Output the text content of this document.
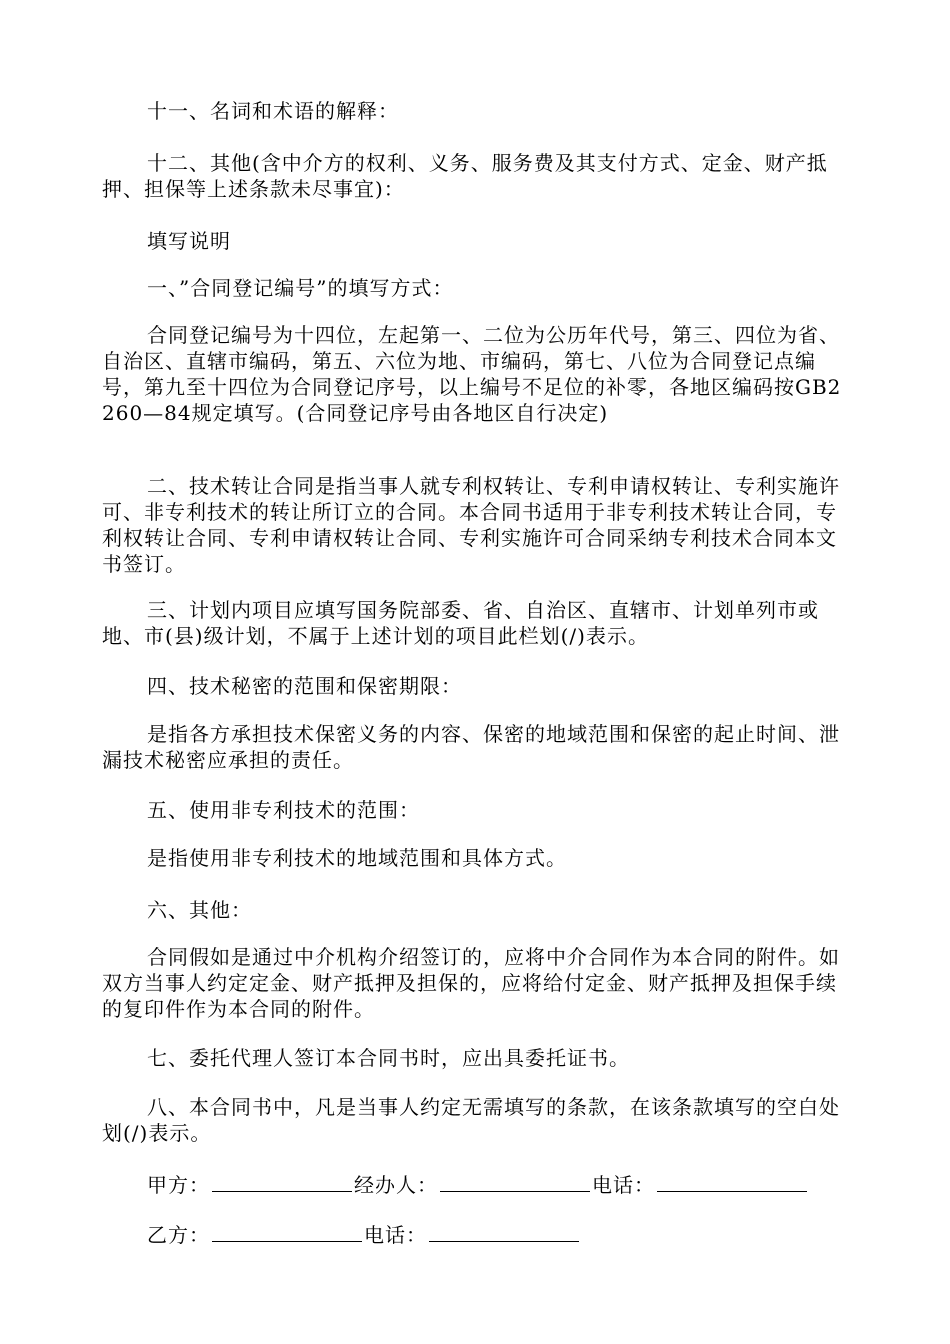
十一、名词和术语的解释：

十二、其他(含中介方的权利、义务、服务费及其支付方式、定金、财产抵押、担保等上述条款未尽事宜)：

填写说明

一、”合同登记编号”的填写方式：

合同登记编号为十四位，左起第一、二位为公历年代号，第三、四位为省、自治区、直辖市编码，第五、六位为地、市编码，第七、八位为合同登记点编号，第九至十四位为合同登记序号，以上编号不足位的补零，各地区编码按GB2260—84规定填写。(合同登记序号由各地区自行决定)

二、技术转让合同是指当事人就专利权转让、专利申请权转让、专利实施许可、非专利技术的转让所订立的合同。本合同书适用于非专利技术转让合同，专利权转让合同、专利申请权转让合同、专利实施许可合同采纳专利技术合同本文书签订。

三、计划内项目应填写国务院部委、省、自治区、直辖市、计划单列市或地、市(县)级计划，不属于上述计划的项目此栏划(/)表示。

四、技术秘密的范围和保密期限：

是指各方承担技术保密义务的内容、保密的地域范围和保密的起止时间、泄漏技术秘密应承担的责任。

五、使用非专利技术的范围：

是指使用非专利技术的地域范围和具体方式。

六、其他：

合同假如是通过中介机构介绍签订的，应将中介合同作为本合同的附件。如双方当事人约定定金、财产抵押及担保的，应将给付定金、财产抵押及担保手续的复印件作为本合同的附件。

七、委托代理人签订本合同书时，应出具委托证书。

八、本合同书中，凡是当事人约定无需填写的条款，在该条款填写的空白处划(/)表示。

甲方：	经办人：	电话：
乙方：	电话：
